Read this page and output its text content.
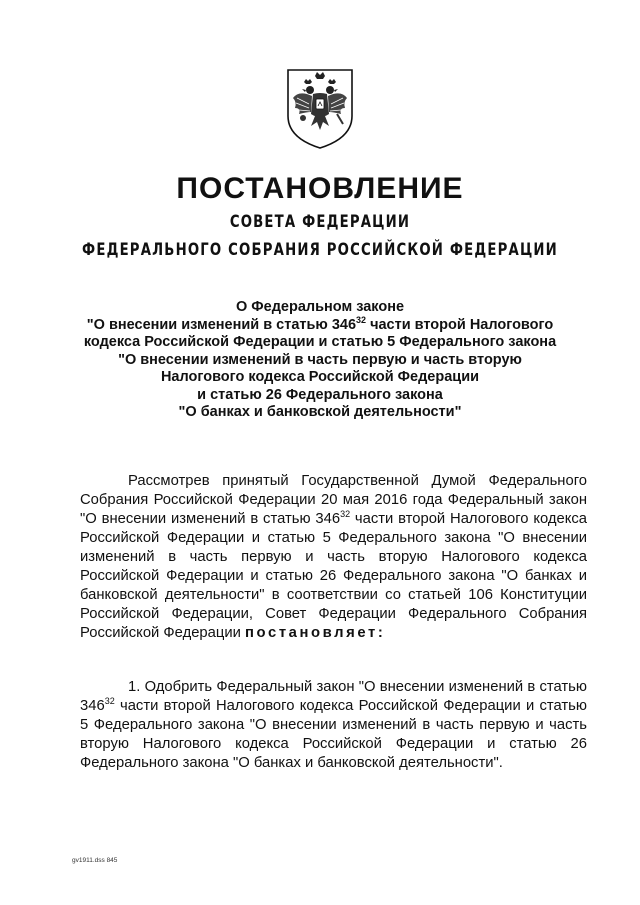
ПОСТАНОВЛЕНИЕ
СОВЕТА ФЕДЕРАЦИИ
ФЕДЕРАЛЬНОГО СОБРАНИЯ РОССИЙСКОЙ ФЕДЕРАЦИИ
О Федеральном законе
"О внесении изменений в статью $346^{32}$ части второй Налогового
кодекса Российской Федерации и статью 5 Федерального закона
"О внесении изменений в часть первую и часть вторую
Налогового кодекса Российской Федерации
и статью 26 Федерального закона
"О банках и банковской деятельности"

Рассмотрев принятый Государственной Думой Федерального Собрания Российской Федерации 20 мая 2016 года Федеральный закон "О внесении изменений в статью $346^{32}$ части второй Налогового кодекса Российской Федерации и статью 5 Федерального закона "О внесении изменений в часть первую и часть вторую Налогового кодекса Российской Федерации и статью 26 Федерального закона "О банках и банковской деятельности" в соответствии со статьей 106 Конституции Российской Федерации, Совет Федерации Федерального Собрания Российской Федерации постановляет:

1. Одобрить Федеральный закон "О внесении изменений в статью $346^{32}$ части второй Налогового кодекса Российской Федерации и статью 5 Федерального закона "О внесении изменений в часть первую и часть вторую Налогового кодекса Российской Федерации и статью 26 Федерального закона "О банках и банковской деятельности".

gv1911.dss 845
